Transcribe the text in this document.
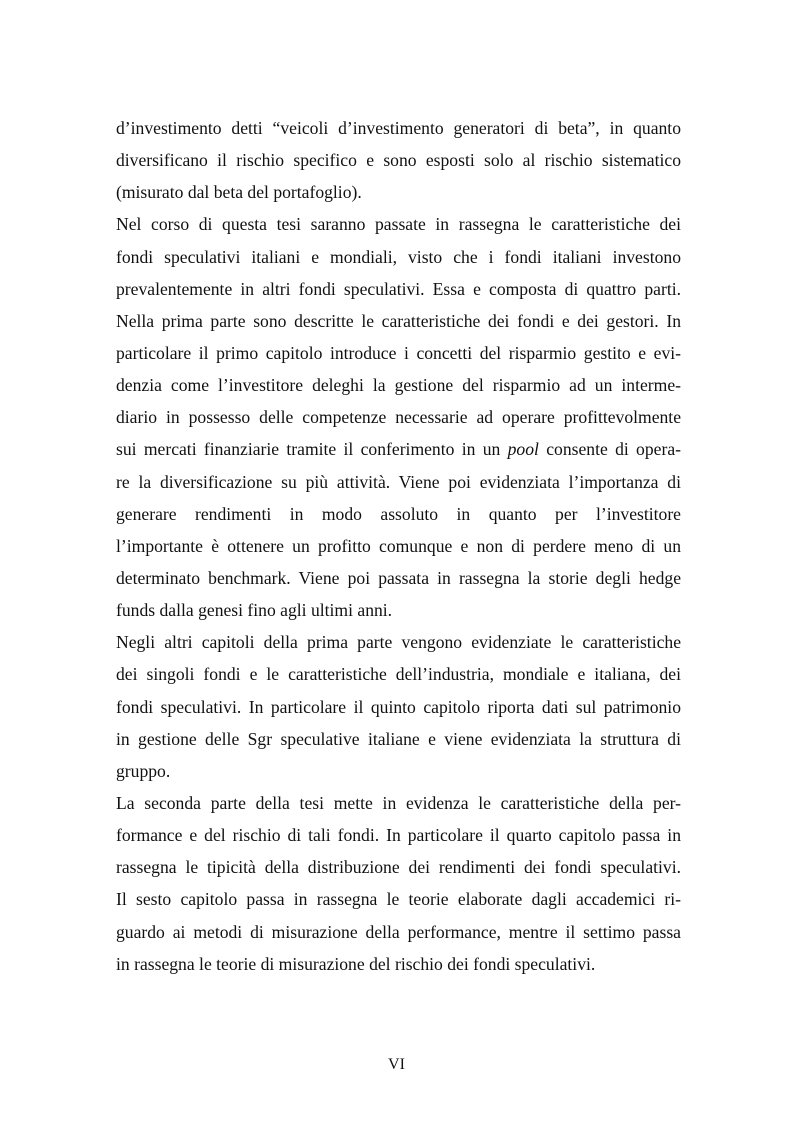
d’investimento detti “veicoli d’investimento generatori di beta”, in quanto
diversificano il rischio specifico e sono esposti solo al rischio sistematico
(misurato dal beta del portafoglio).
Nel corso di questa tesi saranno passate in rassegna le caratteristiche dei
fondi speculativi italiani e mondiali, visto che i fondi italiani investono
prevalentemente in altri fondi speculativi. Essa e composta di quattro parti.
Nella prima parte sono descritte le caratteristiche dei fondi e dei gestori. In
particolare il primo capitolo introduce i concetti del risparmio gestito e evi-
denzia come l’investitore deleghi la gestione del risparmio ad un interme-
diario in possesso delle competenze necessarie ad operare profittevolmente
sui mercati finanziarie tramite il conferimento in un pool consente di opera-
re la diversificazione su più attività. Viene poi evidenziata l’importanza di
generare rendimenti in modo assoluto in quanto per l’investitore
l’importante è ottenere un profitto comunque e non di perdere meno di un
determinato benchmark. Viene poi passata in rassegna la storie degli hedge
funds dalla genesi fino agli ultimi anni.
Negli altri capitoli della prima parte vengono evidenziate le caratteristiche
dei singoli fondi e le caratteristiche dell’industria, mondiale e italiana, dei
fondi speculativi. In particolare il quinto capitolo riporta dati sul patrimonio
in gestione delle Sgr speculative italiane e viene evidenziata la struttura di
gruppo.
La seconda parte della tesi mette in evidenza le caratteristiche della per-
formance e del rischio di tali fondi. In particolare il quarto capitolo passa in
rassegna le tipicità della distribuzione dei rendimenti dei fondi speculativi.
Il sesto capitolo passa in rassegna le teorie elaborate dagli accademici ri-
guardo ai metodi di misurazione della performance, mentre il settimo passa
in rassegna le teorie di misurazione del rischio dei fondi speculativi.
VI
